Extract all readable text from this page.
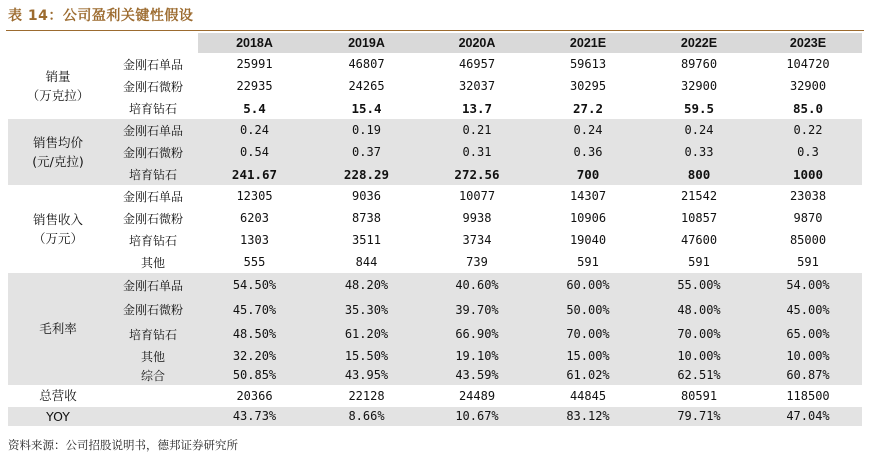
表 14：公司盈利关键性假设
		2018A	2019A	2020A	2021E	2022E	2023E

销量
（万克拉）	金刚石单品	25991	46807	46957	59613	89760	104720
	金刚石微粉	22935	24265	32037	30295	32900	32900
	培育钻石	5.4	15.4	13.7	27.2	59.5	85.0

销售均价
(元/克拉)	金刚石单品	0.24	0.19	0.21	0.24	0.24	0.22
	金刚石微粉	0.54	0.37	0.31	0.36	0.33	0.3
	培育钻石	241.67	228.29	272.56	700	800	1000

销售收入
（万元）	金刚石单品	12305	9036	10077	14307	21542	23038
	金刚石微粉	6203	8738	9938	10906	10857	9870
	培育钻石	1303	3511	3734	19040	47600	85000
	其他	555	844	739	591	591	591

毛利率	金刚石单品	54.50%	48.20%	40.60%	60.00%	55.00%	54.00%
	金刚石微粉	45.70%	35.30%	39.70%	50.00%	48.00%	45.00%
	培育钻石	48.50%	61.20%	66.90%	70.00%	70.00%	65.00%
	其他	32.20%	15.50%	19.10%	15.00%	10.00%	10.00%
	综合	50.85%	43.95%	43.59%	61.02%	62.51%	60.87%
总营收		20366	22128	24489	44845	80591	118500
YOY		43.73%	8.66%	10.67%	83.12%	79.71%	47.04%
资料来源：公司招股说明书，德邦证券研究所
